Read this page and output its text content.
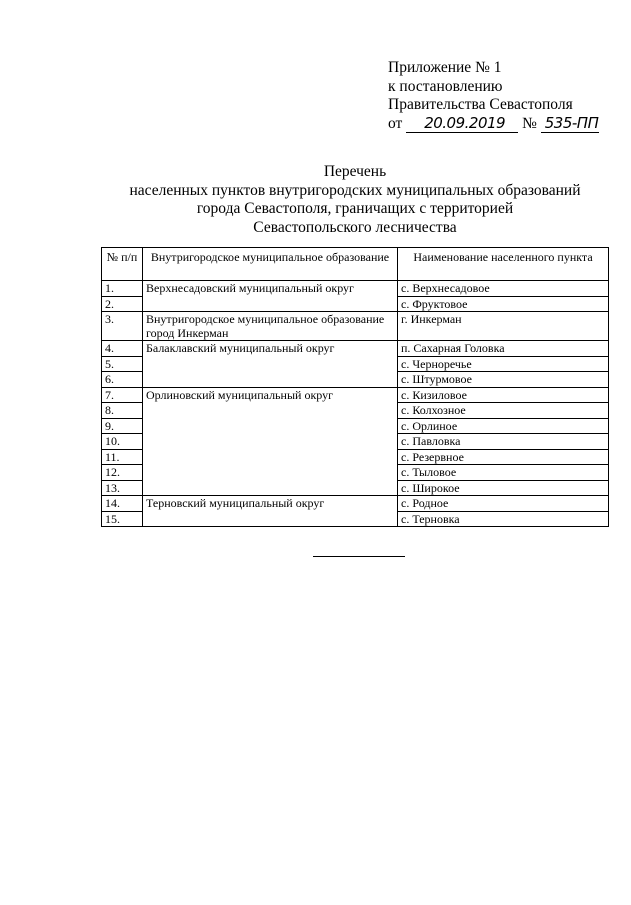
Приложение № 1
к постановлению
Правительства Севастополя
от 20.09.2019 № 535-ПП
Перечень
населенных пунктов внутригородских муниципальных образований
города Севастополя, граничащих с территорией
Севастопольского лесничества
№ п/п	Внутригородское муниципальное образование	Наименование населенного пункта
1.	Верхнесадовский муниципальный округ	с. Верхнесадовое
2.		с. Фруктовое
3.	Внутригородское муниципальное образование город Инкерман	г. Инкерман
4.	Балаклавский муниципальный округ	п. Сахарная Головка
5.		с. Черноречье
6.		с. Штурмовое
7.	Орлиновский муниципальный округ	с. Кизиловое
8.		с. Колхозное
9.		с. Орлиное
10.		с. Павловка
11.		с. Резервное
12.		с. Тыловое
13.		с. Широкое
14.	Терновский муниципальный округ	с. Родное
15.		с. Терновка
